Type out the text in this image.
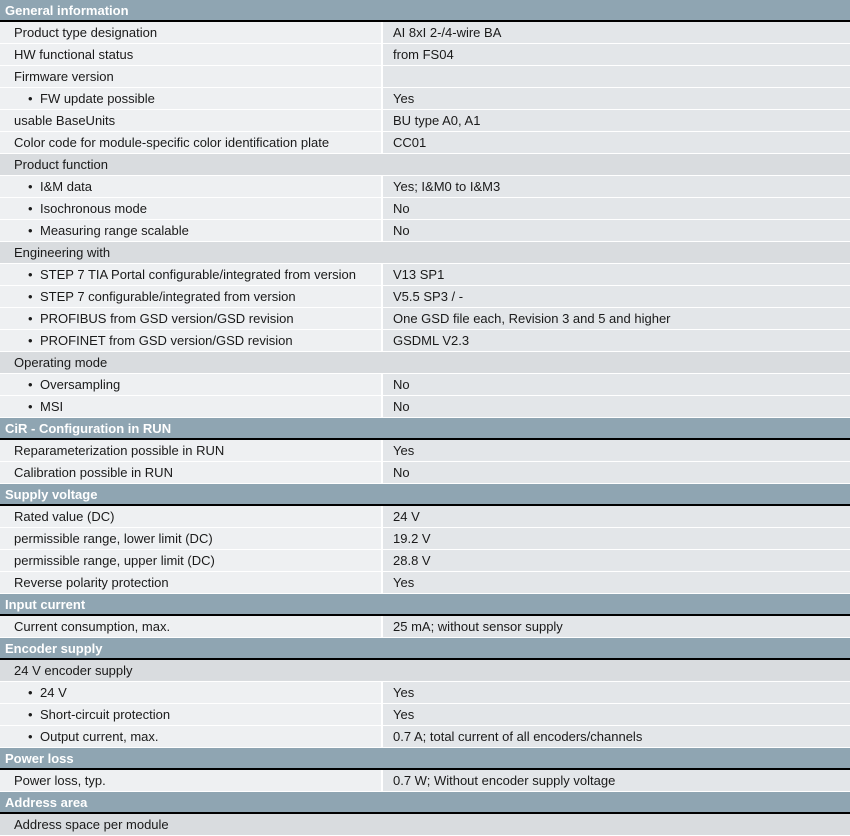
General information
Product type designation	AI 8xI 2-/4-wire BA
HW functional status	from FS04
Firmware version
• FW update possible	Yes
usable BaseUnits	BU type A0, A1
Color code for module-specific color identification plate	CC01
Product function
• I&M data	Yes; I&M0 to I&M3
• Isochronous mode	No
• Measuring range scalable	No
Engineering with
• STEP 7 TIA Portal configurable/integrated from version	V13 SP1
• STEP 7 configurable/integrated from version	V5.5 SP3 / -
• PROFIBUS from GSD version/GSD revision	One GSD file each, Revision 3 and 5 and higher
• PROFINET from GSD version/GSD revision	GSDML V2.3
Operating mode
• Oversampling	No
• MSI	No
CiR - Configuration in RUN
Reparameterization possible in RUN	Yes
Calibration possible in RUN	No
Supply voltage
Rated value (DC)	24 V
permissible range, lower limit (DC)	19.2 V
permissible range, upper limit (DC)	28.8 V
Reverse polarity protection	Yes
Input current
Current consumption, max.	25 mA; without sensor supply
Encoder supply
24 V encoder supply
• 24 V	Yes
• Short-circuit protection	Yes
• Output current, max.	0.7 A; total current of all encoders/channels
Power loss
Power loss, typ.	0.7 W; Without encoder supply voltage
Address area
Address space per module
